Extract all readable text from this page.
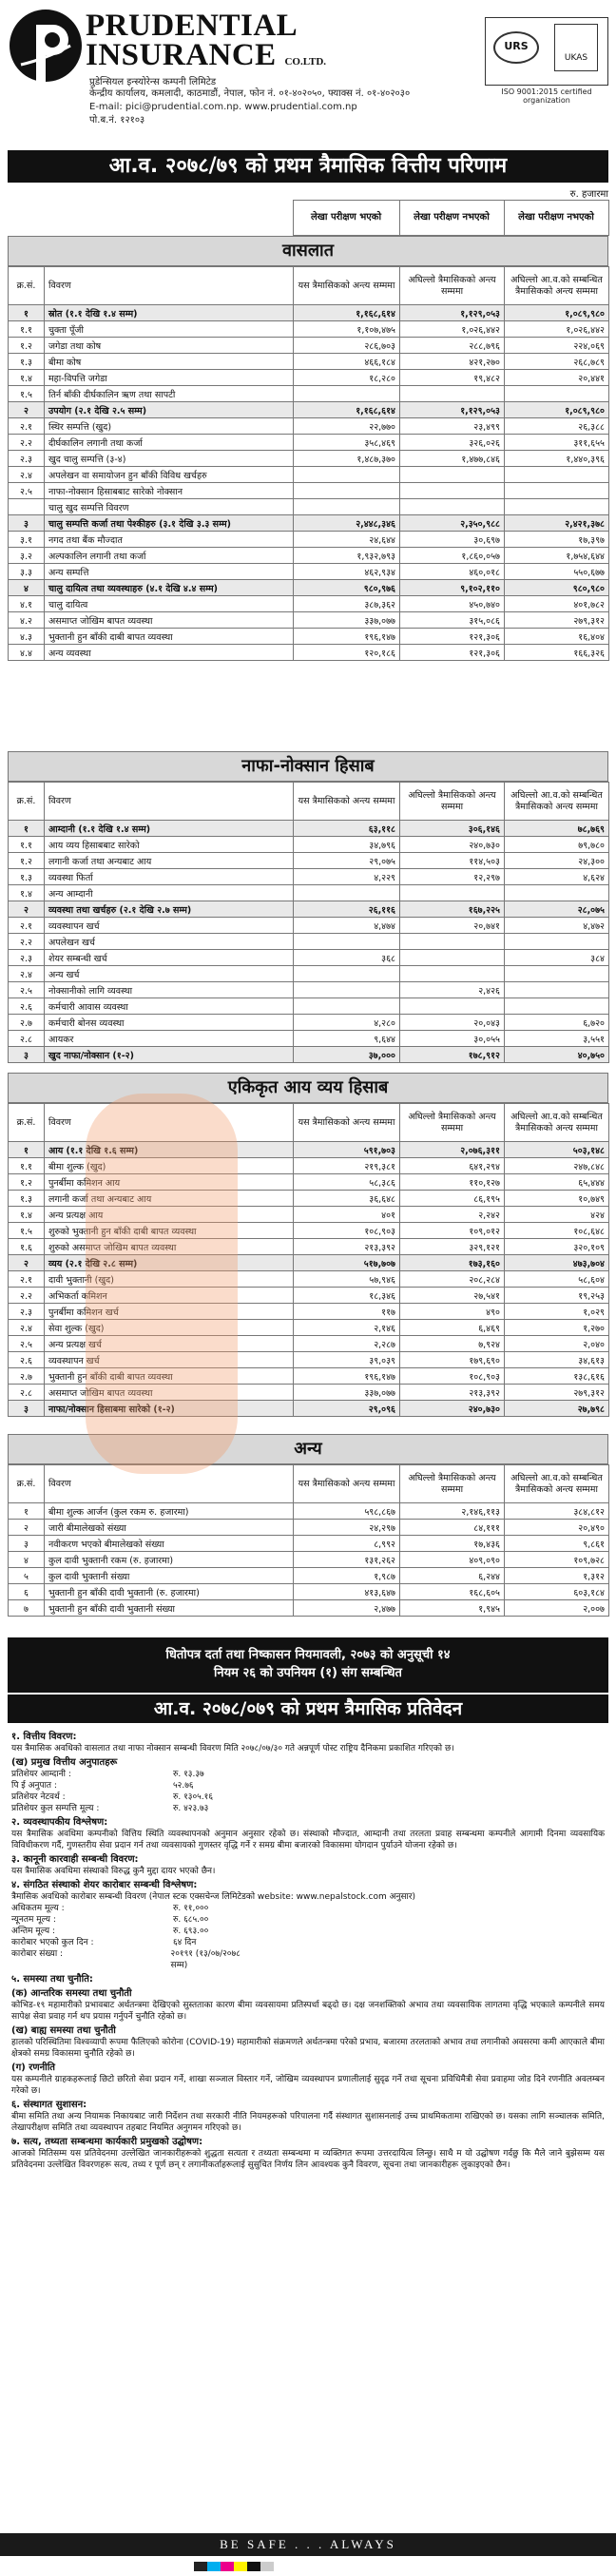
PRUDENTIAL
INSURANCE CO.LTD.
प्रुडेन्सियल इन्स्योरेन्स कम्पनी लिमिटेड
केन्द्रीय कार्यालय, कमलादी, काठमाडौं, नेपाल, फोन नं. ०१-४०२०५०, फ्याक्स नं. ०१-४०२०३०
E-mail: pici@prudential.com.np. www.prudential.com.np
पो.ब.नं. १२१०३
URS
UKAS
ISO 9001:2015 certified organization
आ.व. २०७८/७९ को प्रथम त्रैमासिक वित्तीय परिणाम
रु. हजारमा
		लेखा परीक्षण भएको	लेखा परीक्षण नभएको	लेखा परीक्षण नभएको
वासलात
क्र.सं.	विवरण	यस त्रैमासिकको अन्त्य सम्ममा	अघिल्लो त्रैमासिकको अन्त्य सम्ममा	अघिल्लो आ.व.को सम्बन्धित त्रैमासिकको अन्त्य सम्ममा
१	स्रोत (१.१ देखि १.४ सम्म)	१,१६८,६१४	१,१२९,०५३	१,०८९,९८०
१.१	चुक्ता पूँजी	१,१०७,४७५	१,०२६,४४२	१,०२६,४४२
१.२	जगेडा तथा कोष	२८६,७०३	२८८,७९६	२२४,०६९
१.३	बीमा कोष	४६६,१८४	४२१,२७०	२६८,७८९
१.४	महा-विपत्ति जगेडा	१८,२८०	१९,४८२	२०,४४१
१.५	तिर्न बाँकी दीर्घकालिन ऋण तथा सापटी			
२	उपयोग (२.१ देखि २.५ सम्म)	१,१६८,६१४	१,१२९,०५३	१,०८९,९८०
२.१	स्थिर सम्पत्ति (खुद)	२२,७७०	२३,४९९	२६,३८८
२.२	दीर्घकालिन लगानी तथा कर्जा	३५८,४६९	३२६,०२६	३११,६५५
२.३	खुद चालु सम्पत्ति (३-४)	१,४८७,३७०	१,४७७,८४६	१,४४०,३९६
२.४	अपलेखन वा समायोजन हुन बाँकी विविध खर्चहरु			
२.५	नाफा-नोक्सान हिसाबबाट सारेको नोक्सान			
	चालु खुद सम्पत्ति विवरण			
३	चालु सम्पत्ति कर्जा तथा पेश्कीहरु (३.१ देखि ३.३ सम्म)	२,४४८,३४६	२,३५०,९८८	२,४२१,३७८
३.१	नगद तथा बैंक मौज्दात	२४,६४४	३०,६९७	१७,३९७
३.२	अल्पकालिन लगानी तथा कर्जा	१,९३२,७९३	१,८६०,०५७	१,७५४,६४४
३.३	अन्य सम्पत्ति	४६२,९३४	४६०,०१८	५५०,६७७
४	चालु दायित्व तथा व्यवस्थाहरु (४.१ देखि ४.४ सम्म)	९८०,९७६	९,१०२,११०	९८०,९८०
४.१	चालु दायित्व	३८७,३६२	४५०,७४०	४०१,७८२
४.२	असमाप्त जोखिम बापत व्यवस्था	३३७,०७७	३१५,०८६	२७९,३१२
४.३	भुक्तानी हुन बाँकी दाबी बापत व्यवस्था	१९६,१४७	१२१,३०६	१६,४०४
४.४	अन्य व्यवस्था	१२०,१८६	१२१,३०६	१६६,३२६
नाफा-नोक्सान हिसाब
क्र.सं.	विवरण	यस त्रैमासिकको अन्त्य सम्ममा	अघिल्लो त्रैमासिकको अन्त्य सम्ममा	अघिल्लो आ.व.को सम्बन्धित त्रैमासिकको अन्त्य सम्ममा
१	आम्दानी (१.१ देखि १.४ सम्म)	६३,११८	३०६,१४६	७८,७६९
१.१	आय व्यय हिसाबबाट सारेको	३४,७९६	२४०,७३०	७९,७८०
१.२	लगानी कर्जा तथा अन्यबाट आय	२९,०७५	११४,५०३	२४,३००
१.३	व्यवस्था फिर्ता	४,२२९	१२,२९७	४,६२४
१.४	अन्य आम्दानी			
२	व्यवस्था तथा खर्चहरु (२.१ देखि २.७ सम्म)	२६,११६	१६७,२२५	२८,०७५
२.१	व्यवस्थापन खर्च	४,४७४	२०,७४१	४,४७२
२.२	अपलेखन खर्च			
२.३	शेयर सम्बन्धी खर्च	३६८		३८४
२.४	अन्य खर्च			
२.५	नोक्सानीको लागि व्यवस्था		२,४२६	
२.६	कर्मचारी आवास व्यवस्था			
२.७	कर्मचारी बोनस व्यवस्था	४,२८०	२०,०४३	६,७२०
२.८	आयकर	९,६४४	३०,०५५	३,५५१
३	खुद नाफा/नोक्सान (१-२)	३७,०००	१७८,९१२	४०,७५०
एकिकृत आय व्यय हिसाब
क्र.सं.	विवरण	यस त्रैमासिकको अन्त्य सम्ममा	अघिल्लो त्रैमासिकको अन्त्य सम्ममा	अघिल्लो आ.व.को सम्बन्धित त्रैमासिकको अन्त्य सम्ममा
१	आय (१.१ देखि १.६ सम्म)	५९१,७०३	२,०७६,३११	५०३,१४८
१.१	बीमा शुल्क (खुद)	२१९,३८१	६४१,२९४	२४७,८४८
१.२	पुनर्बीमा कमिशन आय	५८,३८६	११०,१२७	६५,४४४
१.३	लगानी कर्जा तथा अन्यबाट आय	३६,६४८	८६,१९५	१०,७४९
१.४	अन्य प्रत्यक्ष आय	४०१	२,२४२	४२४
१.५	शुरुको भुक्तानी हुन बाँकी दाबी बापत व्यवस्था	१०८,९०३	१०९,०१२	१०८,६४८
१.६	शुरुको असमाप्त जोखिम बापत व्यवस्था	२१३,३९२	३२९,१२१	३२०,१०९
२	व्यय (२.१ देखि २.८ सम्म)	५१७,७०७	१७३,१६०	४७३,७०४
२.१	दावी भुक्तानी (खुद)	५७,९४६	२०८,२८४	५८,६०४
२.२	अभिकर्ता कमिशन	१८,३४६	२७,५४१	१९,२५३
२.३	पुनर्बीमा कमिशन खर्च	११७	४९०	१,०२९
२.४	सेवा शुल्क (खुद)	२,१४६	६,४६९	१,२७०
२.५	अन्य प्रत्यक्ष खर्च	२,२८७	७,९२४	२,०४०
२.६	व्यवस्थापन खर्च	३९,०३९	१७९,६९०	३४,६१३
२.७	भुक्तानी हुन बाँकी दाबी बापत व्यवस्था	१९६,१४७	१०८,९०३	१३८,६१६
२.८	असमाप्त जोखिम बापत व्यवस्था	३३७,०७७	२१३,३९२	२७९,३१२
३	नाफा/नोक्सान हिसाबमा सारेको (१-२)	२९,०९६	२४०,७३०	२७,७९८
अन्य
क्र.सं.	विवरण	यस त्रैमासिकको अन्त्य सम्ममा	अघिल्लो त्रैमासिकको अन्त्य सम्ममा	अघिल्लो आ.व.को सम्बन्धित त्रैमासिकको अन्त्य सम्ममा
१	बीमा शुल्क आर्जन (कुल रकम रु. हजारमा)	५९८,८६७	२,१४६,११३	३८४,८१२
२	जारी बीमालेखको संख्या	२४,२९७	८४,१११	२०,४९०
३	नवीकरण भएको बीमालेखको संख्या	८,९९२	१७,४३६	९,८६१
४	कुल दावी भुक्तानी रकम (रु. हजारमा)	१३१,२६२	४०९,०९०	१०९,७२८
५	कुल दावी भुक्तानी संख्या	१,९८७	६,२४४	१,३१२
६	भुक्तानी हुन बाँकी दावी भुक्तानी (रु. हजारमा)	४१३,६४७	१६८,६०५	६०३,१८४
७	भुक्तानी हुन बाँकी दावी भुक्तानी संख्या	२,४७७	१,९४५	२,००७
धितोपत्र दर्ता तथा निष्कासन नियमावली, २०७३ को अनुसूची १४
नियम २६ को उपनियम (१) संग सम्बन्धित
आ.व. २०७८/०७९ को प्रथम त्रैमासिक प्रतिवेदन
१. वित्तीय विवरण:
यस त्रैमासिक अवधिको वासलात तथा नाफा नोक्सान सम्बन्धी विवरण मिति २०७८/०७/३० गते अन्नपूर्ण पोस्ट राष्ट्रिय दैनिकमा प्रकाशित गरिएको छ।
(ख) प्रमुख वित्तीय अनुपातहरू
प्रतिशेयर आम्दानी :	रु. १३.३७
पि ई अनुपात :	५२.७६
प्रतिशेयर नेटवर्थ :	रु. १३०५.१६
प्रतिशेयर कुल सम्पत्ति मूल्य :	रु. ४२३.७३
२. व्यवस्थापकीय विश्लेषण:
यस त्रैमासिक अवधिमा कम्पनीको वित्तिय स्थिति व्यवस्थापनको अनुमान अनुसार रहेको छ। संस्थाको मौज्दात, आम्दानी तथा तरलता प्रवाह सम्बन्धमा कम्पनीले आगामी दिनमा व्यवसायिक विविधीकरण गर्दै, गुणस्तरीय सेवा प्रदान गर्न तथा व्यवसायको गुणस्तर वृद्धि गर्ने र समग्र बीमा बजारको विकासमा योगदान पुर्याउने योजना रहेको छ।
३. कानूनी कारवाही सम्बन्धी विवरण:
यस त्रैमासिक अवधिमा संस्थाको विरुद्ध कुनै मुद्दा दायर भएको छैन।
४. संगठित संस्थाको शेयर कारोबार सम्बन्धी विश्लेषण:
त्रैमासिक अवधिको कारोबार सम्बन्धी विवरण (नेपाल स्टक एक्सचेन्ज लिमिटेडको website: www.nepalstock.com अनुसार)
अधिकतम मूल्य :	रु. ११,०००
न्यूनतम मूल्य :	रु. ६८५.००
अन्तिम मूल्य :	रु. ६९३.००
कारोबार भएको कुल दिन :	६४ दिन
कारोबार संख्या :	२०१९१ (१३/०७/२०७८ सम्म)
५. समस्या तथा चुनौति:
(क) आन्तरिक समस्या तथा चुनौती
कोभिड-१९ महामारीको प्रभावबाट अर्थतन्त्रमा देखिएको सुस्तताका कारण बीमा व्यवसायमा प्रतिस्पर्धा बढ्दो छ। दक्ष जनशक्तिको अभाव तथा व्यवसायिक लागतमा वृद्धि भएकाले कम्पनीले समय सापेक्ष सेवा प्रवाह गर्न थप प्रयास गर्नुपर्ने चुनौति रहेको छ।
(ख) बाह्य समस्या तथा चुनौती
हालको परिस्थितिमा विश्वव्यापी रूपमा फैलिएको कोरोना (COVID-19) महामारीको संक्रमणले अर्थतन्त्रमा परेको प्रभाव, बजारमा तरलताको अभाव तथा लगानीको अवसरमा कमी आएकाले बीमा क्षेत्रको समग्र विकासमा चुनौति रहेको छ।
(ग) रणनीति
यस कम्पनीले ग्राहकहरूलाई छिटो छरितो सेवा प्रदान गर्ने, शाखा सञ्जाल विस्तार गर्ने, जोखिम व्यवस्थापन प्रणालीलाई सुदृढ गर्ने तथा सूचना प्रविधिमैत्री सेवा प्रवाहमा जोड दिने रणनीति अवलम्बन गरेको छ।
६. संस्थागत सुशासन:
बीमा समिति तथा अन्य नियामक निकायबाट जारी निर्देशन तथा सरकारी नीति नियमहरूको परिपालना गर्दै संस्थागत सुशासनलाई उच्च प्राथमिकतामा राखिएको छ। यसका लागि सञ्चालक समिति, लेखापरीक्षण समिति तथा व्यवस्थापन तहबाट नियमित अनुगमन गरिएको छ।
७. सत्य, तथ्यता सम्बन्धमा कार्यकारी प्रमुखको उद्घोषण:
आजको मितिसम्म यस प्रतिवेदनमा उल्लेखित जानकारीहरूको शुद्धता सत्यता र तथ्यता सम्बन्धमा म व्यक्तिगत रूपमा उत्तरदायित्व लिन्छु। साथै म यो उद्घोषण गर्दछु कि मैले जाने बुझेसम्म यस प्रतिवेदनमा उल्लेखित विवरणहरू सत्य, तथ्य र पूर्ण छन् र लगानीकर्ताहरूलाई सुसुचित निर्णय लिन आवश्यक कुनै विवरण, सूचना तथा जानकारीहरू लुकाइएको छैन।
BE SAFE . . . ALWAYS
